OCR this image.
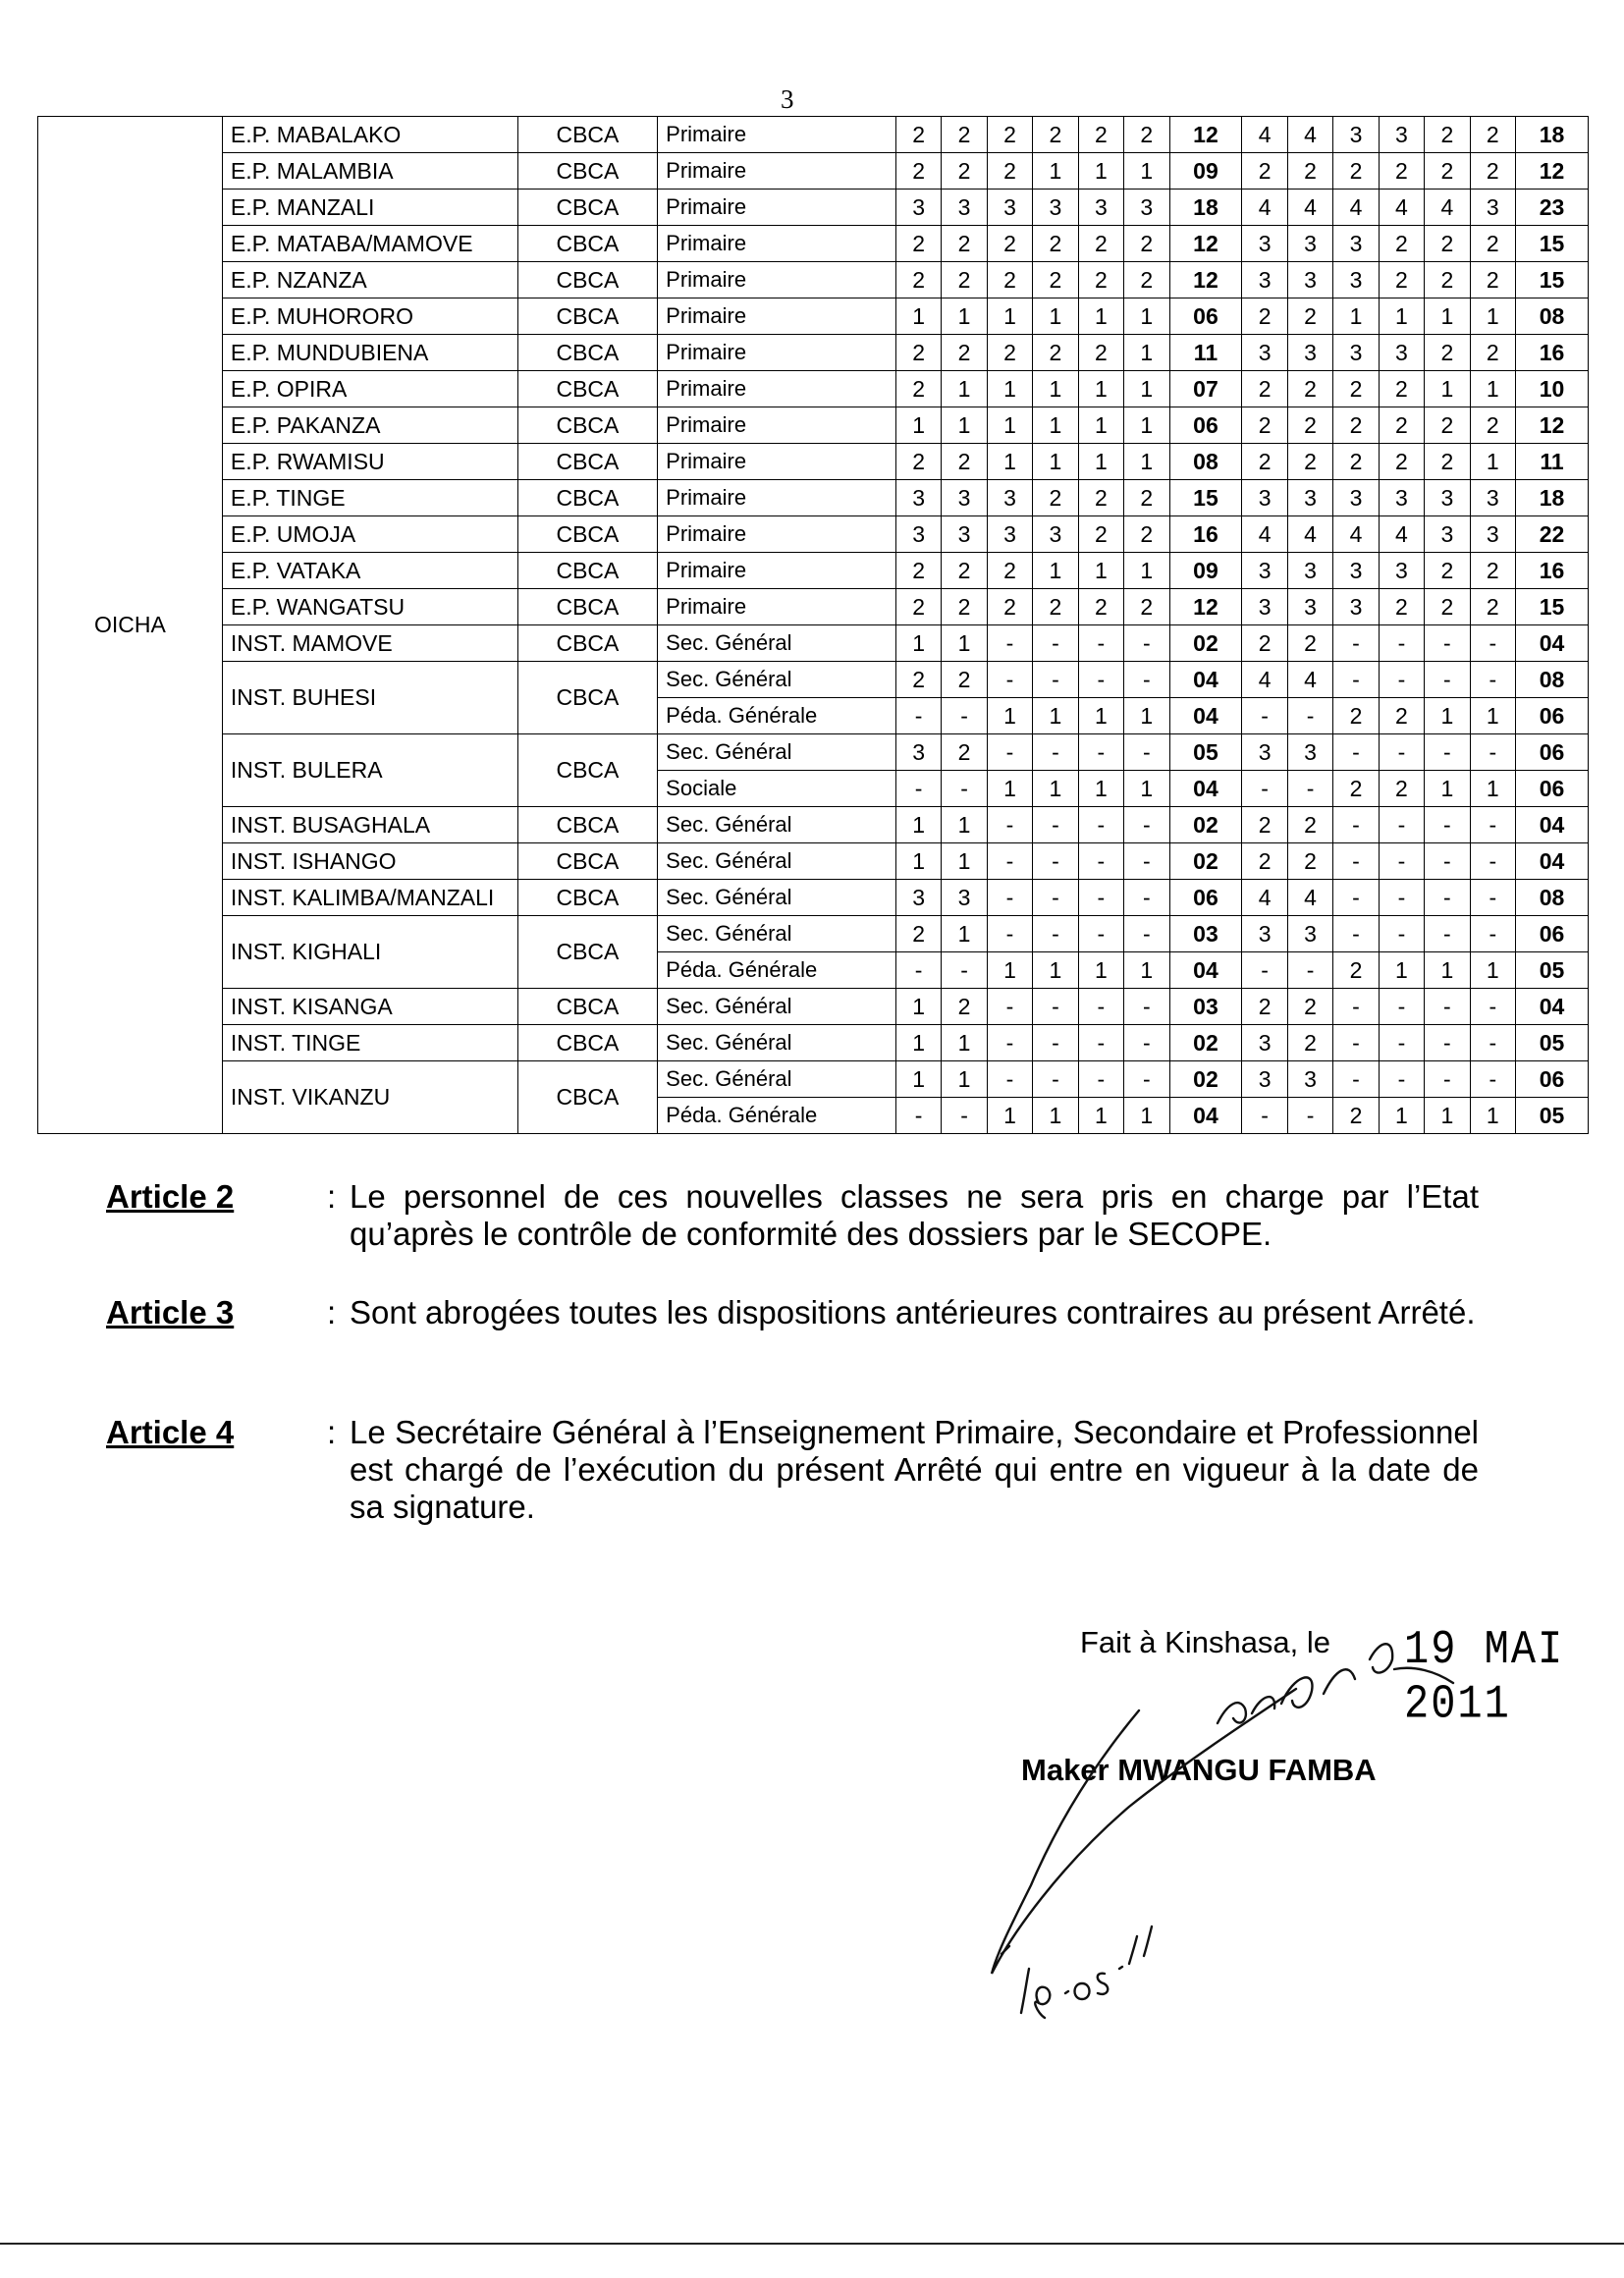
3
OICHA	E.P. MABALAKO	CBCA	Primaire	2	2	2	2	2	2	12	4	4	3	3	2	2	18
	E.P. MALAMBIA	CBCA	Primaire	2	2	2	1	1	1	09	2	2	2	2	2	2	12
	E.P. MANZALI	CBCA	Primaire	3	3	3	3	3	3	18	4	4	4	4	4	3	23
	E.P. MATABA/MAMOVE	CBCA	Primaire	2	2	2	2	2	2	12	3	3	3	2	2	2	15
	E.P. NZANZA	CBCA	Primaire	2	2	2	2	2	2	12	3	3	3	2	2	2	15
	E.P. MUHORORO	CBCA	Primaire	1	1	1	1	1	1	06	2	2	1	1	1	1	08
	E.P. MUNDUBIENA	CBCA	Primaire	2	2	2	2	2	1	11	3	3	3	3	2	2	16
	E.P. OPIRA	CBCA	Primaire	2	1	1	1	1	1	07	2	2	2	2	1	1	10
	E.P. PAKANZA	CBCA	Primaire	1	1	1	1	1	1	06	2	2	2	2	2	2	12
	E.P. RWAMISU	CBCA	Primaire	2	2	1	1	1	1	08	2	2	2	2	2	1	11
	E.P. TINGE	CBCA	Primaire	3	3	3	2	2	2	15	3	3	3	3	3	3	18
	E.P. UMOJA	CBCA	Primaire	3	3	3	3	2	2	16	4	4	4	4	3	3	22
	E.P. VATAKA	CBCA	Primaire	2	2	2	1	1	1	09	3	3	3	3	2	2	16
	E.P. WANGATSU	CBCA	Primaire	2	2	2	2	2	2	12	3	3	3	2	2	2	15
	INST. MAMOVE	CBCA	Sec. Général	1	1	-	-	-	-	02	2	2	-	-	-	-	04
	INST. BUHESI	CBCA	Sec. Général	2	2	-	-	-	-	04	4	4	-	-	-	-	08
			Péda. Générale	-	-	1	1	1	1	04	-	-	2	2	1	1	06
	INST. BULERA	CBCA	Sec. Général	3	2	-	-	-	-	05	3	3	-	-	-	-	06
			Sociale	-	-	1	1	1	1	04	-	-	2	2	1	1	06
	INST. BUSAGHALA	CBCA	Sec. Général	1	1	-	-	-	-	02	2	2	-	-	-	-	04
	INST. ISHANGO	CBCA	Sec. Général	1	1	-	-	-	-	02	2	2	-	-	-	-	04
	INST. KALIMBA/MANZALI	CBCA	Sec. Général	3	3	-	-	-	-	06	4	4	-	-	-	-	08
	INST. KIGHALI	CBCA	Sec. Général	2	1	-	-	-	-	03	3	3	-	-	-	-	06
			Péda. Générale	-	-	1	1	1	1	04	-	-	2	1	1	1	05
	INST. KISANGA	CBCA	Sec. Général	1	2	-	-	-	-	03	2	2	-	-	-	-	04
	INST. TINGE	CBCA	Sec. Général	1	1	-	-	-	-	02	3	2	-	-	-	-	05
	INST. VIKANZU	CBCA	Sec. Général	1	1	-	-	-	-	02	3	3	-	-	-	-	06
			Péda. Générale	-	-	1	1	1	1	04	-	-	2	1	1	1	05
Article 2	: Le personnel de ces nouvelles classes ne sera pris en charge par l’Etat qu’après le contrôle de conformité des dossiers par le SECOPE.
Article 3	: Sont abrogées toutes les dispositions antérieures contraires au présent Arrêté.
Article 4	: Le Secrétaire Général à l’Enseignement Primaire, Secondaire et Professionnel est chargé de l’exécution du présent Arrêté qui entre en vigueur à la date de sa signature.
Fait à Kinshasa, le 19 MAI 2011
Maker MWANGU FAMBA
